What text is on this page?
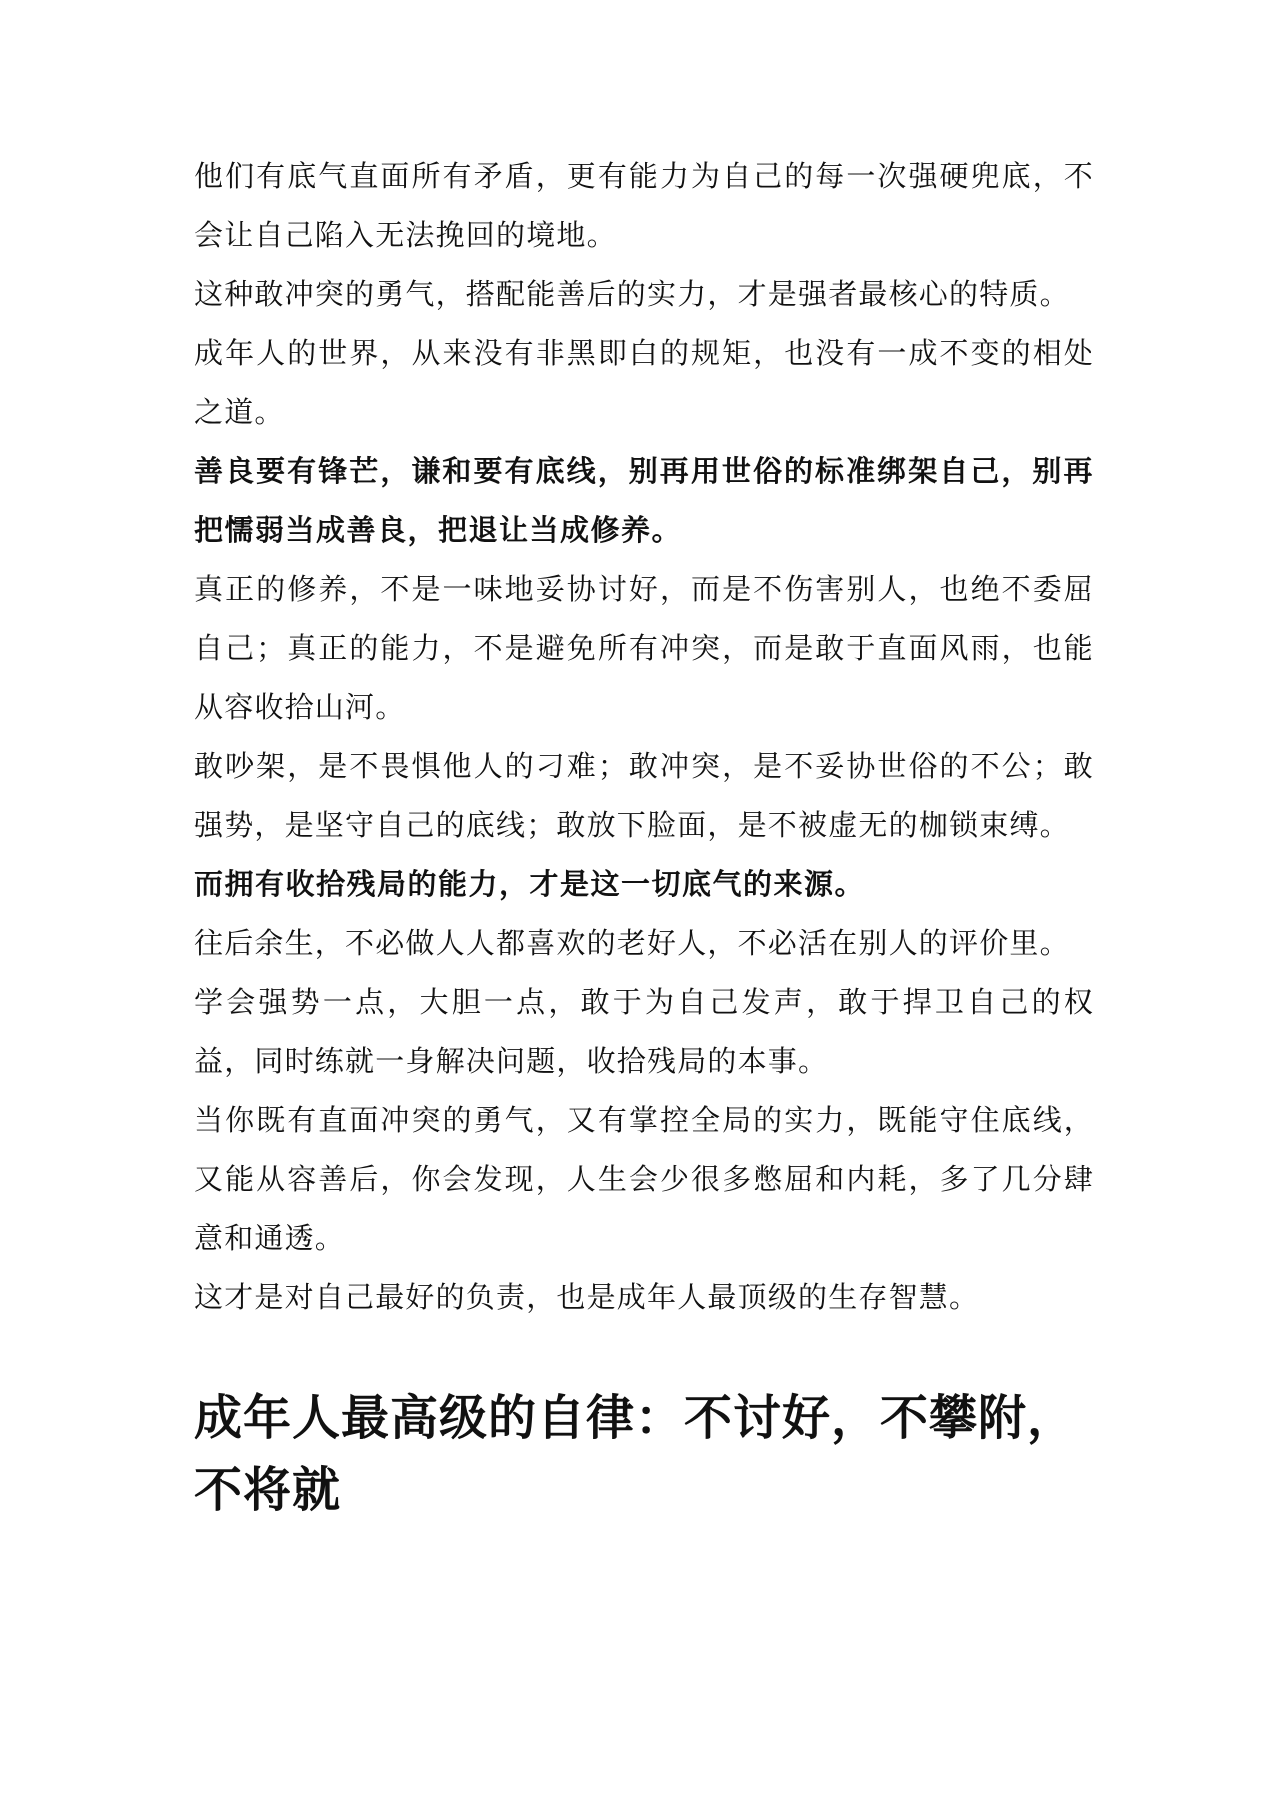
他们有底气直面所有矛盾，更有能力为自己的每一次强硬兜底，不会让自己陷入无法挽回的境地。

这种敢冲突的勇气，搭配能善后的实力，才是强者最核心的特质。

成年人的世界，从来没有非黑即白的规矩，也没有一成不变的相处之道。

善良要有锋芒，谦和要有底线，别再用世俗的标准绑架自己，别再把懦弱当成善良，把退让当成修养。

真正的修养，不是一味地妥协讨好，而是不伤害别人，也绝不委屈自己；真正的能力，不是避免所有冲突，而是敢于直面风雨，也能从容收拾山河。

敢吵架，是不畏惧他人的刁难；敢冲突，是不妥协世俗的不公；敢强势，是坚守自己的底线；敢放下脸面，是不被虚无的枷锁束缚。

而拥有收拾残局的能力，才是这一切底气的来源。

往后余生，不必做人人都喜欢的老好人，不必活在别人的评价里。

学会强势一点，大胆一点，敢于为自己发声，敢于捍卫自己的权益，同时练就一身解决问题，收拾残局的本事。

当你既有直面冲突的勇气，又有掌控全局的实力，既能守住底线，又能从容善后，你会发现，人生会少很多憋屈和内耗，多了几分肆意和通透。

这才是对自己最好的负责，也是成年人最顶级的生存智慧。

成年人最高级的自律：不讨好，不攀附，不将就
